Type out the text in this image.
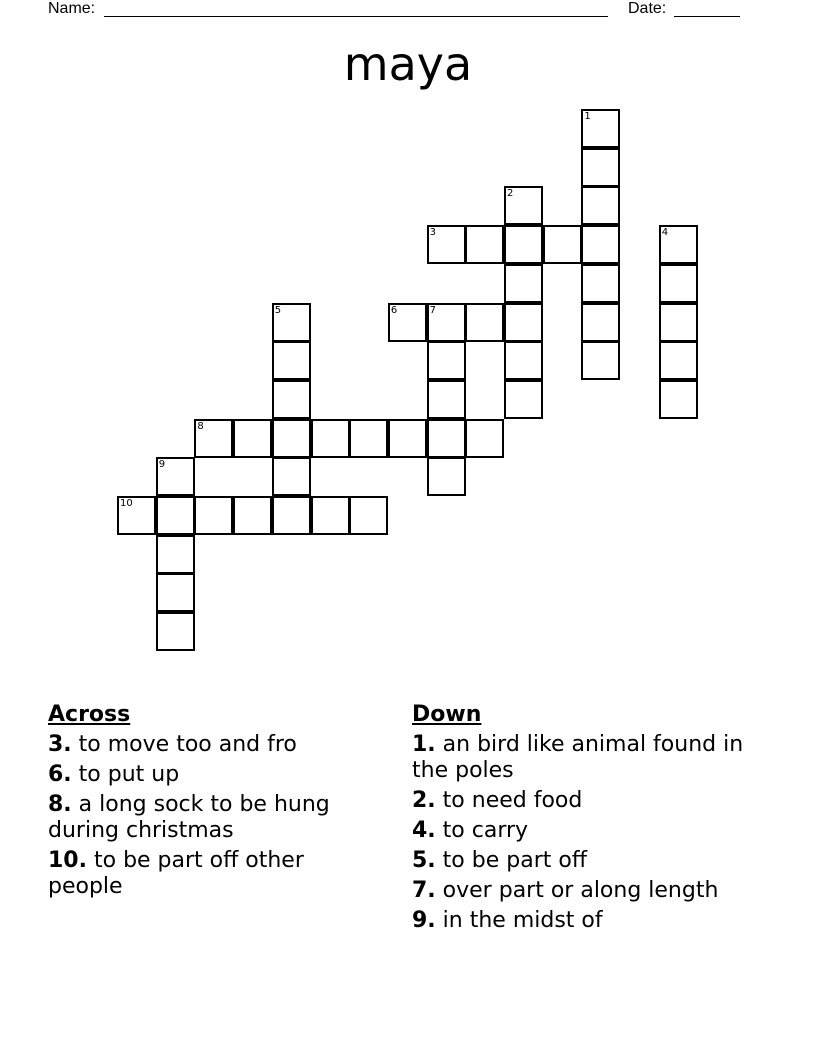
Name:	Date:
maya
1
2
3	4
5	6	7
8
9
10
Across
3. to move too and fro
6. to put up
8. a long sock to be hung during christmas
10. to be part off other people
Down
1. an bird like animal found in the poles
2. to need food
4. to carry
5. to be part off
7. over part or along length
9. in the midst of
